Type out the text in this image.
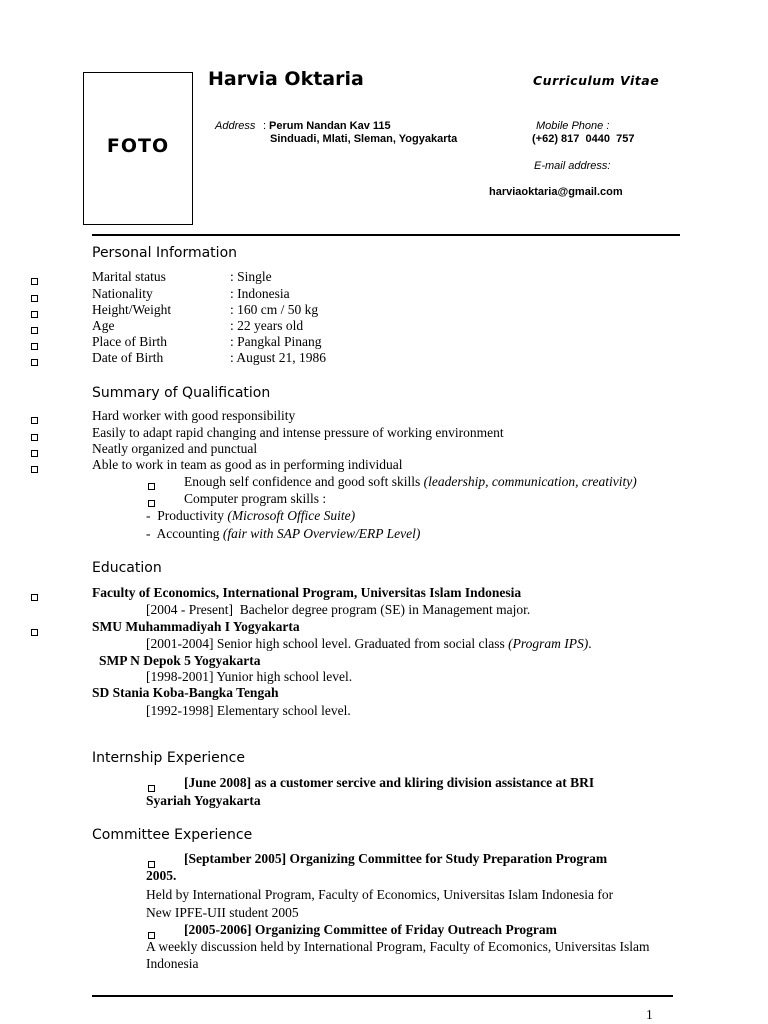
FOTO
Harvia Oktaria	Curriculum Vitae
Address : Perum Nandan Kav 115
Sinduadi, Mlati, Sleman, Yogyakarta
Mobile Phone :
(+62) 817  0440  757
E-mail address:
harviaoktaria@gmail.com
Personal Information
Marital status	: Single
Nationality	: Indonesia
Height/Weight	: 160 cm / 50 kg
Age	: 22 years old
Place of Birth	: Pangkal Pinang
Date of Birth	: August 21, 1986
Summary of Qualification
Hard worker with good responsibility
Easily to adapt rapid changing and intense pressure of working environment
Neatly organized and punctual
Able to work in team as good as in performing individual
Enough self confidence and good soft skills (leadership, communication, creativity)
Computer program skills :
-  Productivity (Microsoft Office Suite)
-  Accounting (fair with SAP Overview/ERP Level)
Education
Faculty of Economics, International Program, Universitas Islam Indonesia
[2004 - Present]  Bachelor degree program (SE) in Management major.
SMU Muhammadiyah I Yogyakarta
[2001-2004] Senior high school level. Graduated from social class (Program IPS).
SMP N Depok 5 Yogyakarta
[1998-2001] Yunior high school level.
SD Stania Koba-Bangka Tengah
[1992-1998] Elementary school level.
Internship Experience
[June 2008] as a customer sercive and kliring division assistance at BRI
Syariah Yogyakarta
Committee Experience
[Septamber 2005] Organizing Committee for Study Preparation Program
2005.
Held by International Program, Faculty of Economics, Universitas Islam Indonesia for
New IPFE-UII student 2005
[2005-2006] Organizing Committee of Friday Outreach Program
A weekly discussion held by International Program, Faculty of Ecomonics, Universitas Islam
Indonesia
1
